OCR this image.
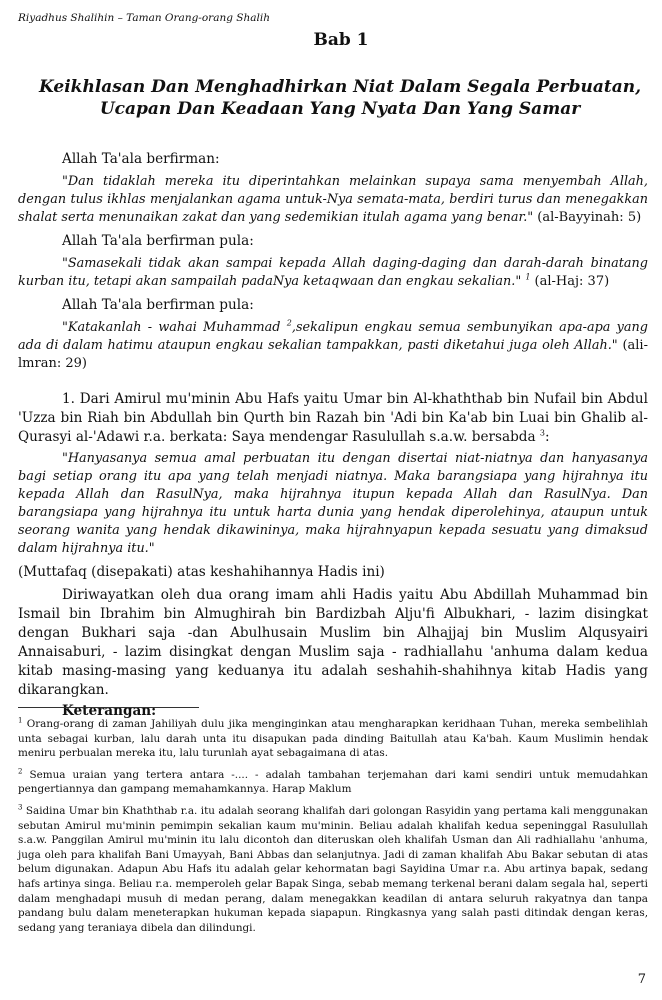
Riyadhus Shalihin – Taman Orang-orang Shalih
Bab 1
Keikhlasan Dan Menghadhirkan Niat Dalam Segala Perbuatan,
Ucapan Dan Keadaan Yang Nyata Dan Yang Samar
Allah Ta'ala berfirman:

"Dan tidaklah mereka itu diperintahkan melainkan supaya sama menyembah Allah, dengan tulus ikhlas menjalankan agama untuk-Nya semata-mata, berdiri turus dan menegakkan shalat serta menunaikan zakat dan yang sedemikian itulah agama yang benar." (al-Bayyinah: 5)

Allah Ta'ala berfirman pula:

"Samasekali tidak akan sampai kepada Allah daging-daging dan darah-darah binatang kurban itu, tetapi akan sampailah padaNya ketaqwaan dan engkau sekalian." $^1$ (al-Haj: 37)

Allah Ta'ala berfirman pula:

"Katakanlah - wahai Muhammad $^2$,sekalipun engkau semua sembunyikan apa-apa yang ada di dalam hatimu ataupun engkau sekalian tampakkan, pasti diketahui juga oleh Allah." (ali-lmran: 29)

1. Dari Amirul mu'minin Abu Hafs yaitu Umar bin Al-khaththab bin Nufail bin Abdul 'Uzza bin Riah bin Abdullah bin Qurth bin Razah bin 'Adi bin Ka'ab bin Luai bin Ghalib al-Qurasyi al-'Adawi r.a. berkata: Saya mendengar Rasulullah s.a.w. bersabda $^3$:

"Hanyasanya semua amal perbuatan itu dengan disertai niat-niatnya dan hanyasanya bagi setiap orang itu apa yang telah menjadi niatnya. Maka barangsiapa yang hijrahnya itu kepada Allah dan RasulNya, maka hijrahnya itupun kepada Allah dan RasulNya. Dan barangsiapa yang hijrahnya itu untuk harta dunia yang hendak diperolehinya, ataupun untuk seorang wanita yang hendak dikawininya, maka hijrahnyapun kepada sesuatu yang dimaksud dalam hijrahnya itu."

(Muttafaq (disepakati) atas keshahihannya Hadis ini)

Diriwayatkan oleh dua orang imam ahli Hadis yaitu Abu Abdillah Muhammad bin Ismail bin Ibrahim bin Almughirah bin Bardizbah Alju'fi Albukhari, - lazim disingkat dengan Bukhari saja -dan Abulhusain Muslim bin Alhajjaj bin Muslim Alqusyairi Annaisaburi, - lazim disingkat dengan Muslim saja - radhiallahu 'anhuma dalam kedua kitab masing-masing yang keduanya itu adalah seshahih-shahihnya kitab Hadis yang dikarangkan.

Keterangan:

$^1$ Orang-orang di zaman Jahiliyah dulu jika menginginkan atau mengharapkan keridhaan Tuhan, mereka sembelihlah unta sebagai kurban, lalu darah unta itu disapukan pada dinding Baitullah atau Ka'bah. Kaum Muslimin hendak meniru perbualan mereka itu, lalu turunlah ayat sebagaimana di atas.

$^2$ Semua uraian yang tertera antara -.... - adalah tambahan terjemahan dari kami sendiri untuk memudahkan pengertiannya dan gampang memahamkannya. Harap Maklum

$^3$ Saidina Umar bin Khaththab r.a. itu adalah seorang khalifah dari golongan Rasyidin yang pertama kali menggunakan sebutan Amirul mu'minin pemimpin sekalian kaum mu'minin. Beliau adalah khalifah kedua sepeninggal Rasulullah s.a.w. Panggilan Amirul mu'minin itu lalu dicontoh dan diteruskan oleh khalifah Usman dan Ali radhiallahu 'anhuma, juga oleh para khalifah Bani Umayyah, Bani Abbas dan selanjutnya. Jadi di zaman khalifah Abu Bakar sebutan di atas belum digunakan. Adapun Abu Hafs itu adalah gelar kehormatan bagi Sayidina Umar r.a. Abu artinya bapak, sedang hafs artinya singa. Beliau r.a. memperoleh gelar Bapak Singa, sebab memang terkenal berani dalam segala hal, seperti dalam menghadapi musuh di medan perang, dalam menegakkan keadilan di antara seluruh rakyatnya dan tanpa pandang bulu dalam meneterapkan hukuman kepada siapapun. Ringkasnya yang salah pasti ditindak dengan keras, sedang yang teraniaya dibela dan dilindungi.

7
